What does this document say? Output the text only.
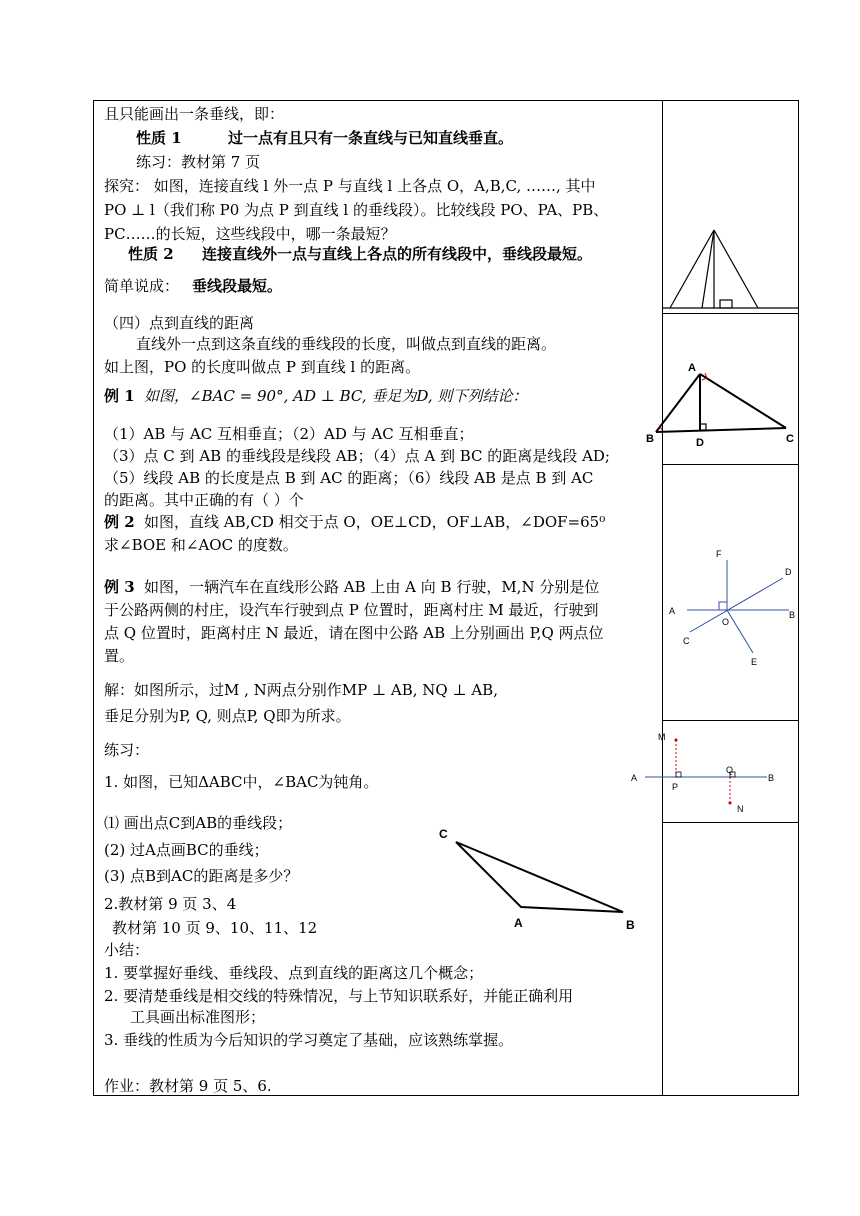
且只能画出一条垂线，即：
性质 1	过一点有且只有一条直线与已知直线垂直。
练习：教材第 7 页
探究： 如图，连接直线 l 外一点 P 与直线 l 上各点 O，A,B,C, ……, 其中
PO ⊥ l（我们称 P0 为点 P 到直线 l 的垂线段）。比较线段 PO、PA、PB、
PC……的长短，这些线段中，哪一条最短？
性质 2 连接直线外一点与直线上各点的所有线段中，垂线段最短。
简单说成： 垂线段最短。
（四）点到直线的距离
直线外一点到这条直线的垂线段的长度，叫做点到直线的距离。
如上图，PO 的长度叫做点 P 到直线 l 的距离。
例 1 如图，∠BAC = 90°, AD ⊥ BC, 垂足为D, 则下列结论：
（1）AB 与 AC 互相垂直；（2）AD 与 AC 互相垂直；
（3）点 C 到 AB 的垂线段是线段 AB；（4）点 A 到 BC 的距离是线段 AD;
（5）线段 AB 的长度是点 B 到 AC 的距离；（6）线段 AB 是点 B 到 AC
的距离。其中正确的有（ ）个
例 2 如图，直线 AB,CD 相交于点 O，OE⊥CD，OF⊥AB，∠DOF=65⁰
求∠BOE 和∠AOC 的度数。
例 3 如图，一辆汽车在直线形公路 AB 上由 A 向 B 行驶，M,N 分别是位
于公路两侧的村庄，设汽车行驶到点 P 位置时，距离村庄 M 最近，行驶到
点 Q 位置时，距离村庄 N 最近，请在图中公路 AB 上分别画出 P,Q 两点位
置。
解：如图所示，过M , N两点分别作MP ⊥ AB, NQ ⊥ AB,
垂足分别为P, Q, 则点P, Q即为所求。
练习：
1. 如图，已知ΔABC中，∠BAC为钝角。
⑴ 画出点C到AB的垂线段；
(2) 过A点画BC的垂线；
(3) 点B到AC的距离是多少？
2.教材第 9 页 3、4
教材第 10 页 9、10、11、12
小结：
1. 要掌握好垂线、垂线段、点到直线的距离这几个概念；
2. 要清楚垂线是相交线的特殊情况，与上节知识联系好，并能正确利用
工具画出标准图形；
3. 垂线的性质为今后知识的学习奠定了基础，应该熟练掌握。
作业：教材第 9 页 5、6.
A
B	C
D
F
D
A	B
O
C
E
M
A
Q
B
P
N
C
A	B
